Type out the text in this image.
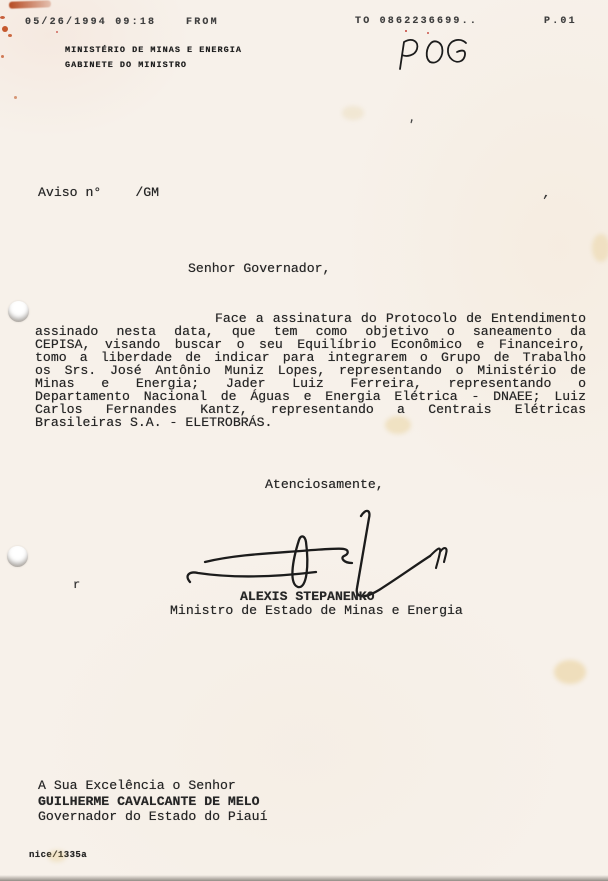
05/26/1994 09:18	FROM	TO 0862236699..	P.01
MINISTÉRIO DE MINAS E ENERGIA
GABINETE DO MINISTRO
Aviso n°	/GM
Senhor Governador,
Face a assinatura do Protocolo de Entendimento
assinado nesta data, que tem como objetivo o saneamento da
CEPISA, visando buscar o seu Equilíbrio Econômico e Financeiro,
tomo a liberdade de indicar para integrarem o Grupo de Trabalho
os Srs. José Antônio Muniz Lopes, representando o Ministério de
Minas e Energia; Jader Luiz Ferreira, representando o
Departamento Nacional de Águas e Energia Elétrica - DNAEE; Luiz
Carlos Fernandes Kantz, representando a Centrais Elétricas
Brasileiras S.A. - ELETROBRÁS.
Atenciosamente,
ALEXIS STEPANENKO
Ministro de Estado de Minas e Energia
A Sua Excelência o Senhor
GUILHERME CAVALCANTE DE MELO
Governador do Estado do Piauí
nice/1335a
r
,
'
